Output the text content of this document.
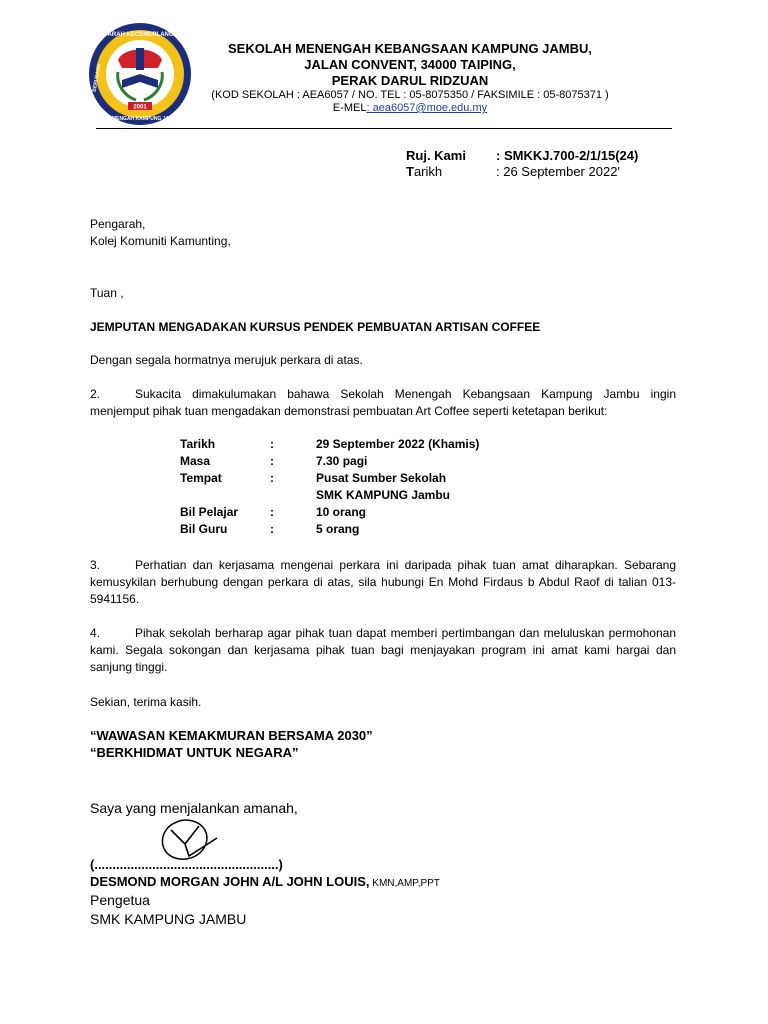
2001
KE ARAH KECEMERLANGAN
BERUSAHA
SMK MENGAH KAMPUNG JAMBU
SEKOLAH MENENGAH KEBANGSAAN KAMPUNG JAMBU,
JALAN CONVENT, 34000 TAIPING,
PERAK DARUL RIDZUAN
(KOD SEKOLAH : AEA6057 / NO. TEL : 05-8075350 / FAKSIMILE : 05-8075371 )
E-MEL: aea6057@moe.edu.my
Ruj. Kami : SMKKJ.700-2/1/15(24)
Tarikh	: 26 September 2022'
Pengarah,
Kolej Komuniti Kamunting,
Tuan ,
JEMPUTAN MENGADAKAN KURSUS PENDEK PEMBUATAN ARTISAN COFFEE
Dengan segala hormatnya merujuk perkara di atas.
2.	Sukacita dimakulumakan bahawa Sekolah Menengah Kebangsaan Kampung Jambu ingin menjemput pihak tuan mengadakan demonstrasi pembuatan Art Coffee seperti ketetapan berikut:
Tarikh	:	29 September 2022 (Khamis)
Masa	:	7.30 pagi
Tempat	:	Pusat Sumber Sekolah
SMK KAMPUNG Jambu
Bil Pelajar	:	10 orang
Bil Guru	:	5 orang
3.	Perhatian dan kerjasama mengenai perkara ini daripada pihak tuan amat diharapkan. Sebarang kemusykilan berhubung dengan perkara di atas, sila hubungi En Mohd Firdaus b Abdul Raof di talian 013-5941156.
4.	Pihak sekolah berharap agar pihak tuan dapat memberi pertimbangan dan meluluskan permohonan kami. Segala sokongan dan kerjasama pihak tuan bagi menjayakan program ini amat kami hargai dan sanjung tinggi.
Sekian, terima kasih.
“WAWASAN KEMAKMURAN BERSAMA 2030”
“BERKHIDMAT UNTUK NEGARA”
Saya yang menjalankan amanah,
(...................................................)
DESMOND MORGAN JOHN A/L JOHN LOUIS, KMN,AMP,PPT
Pengetua
SMK KAMPUNG JAMBU
